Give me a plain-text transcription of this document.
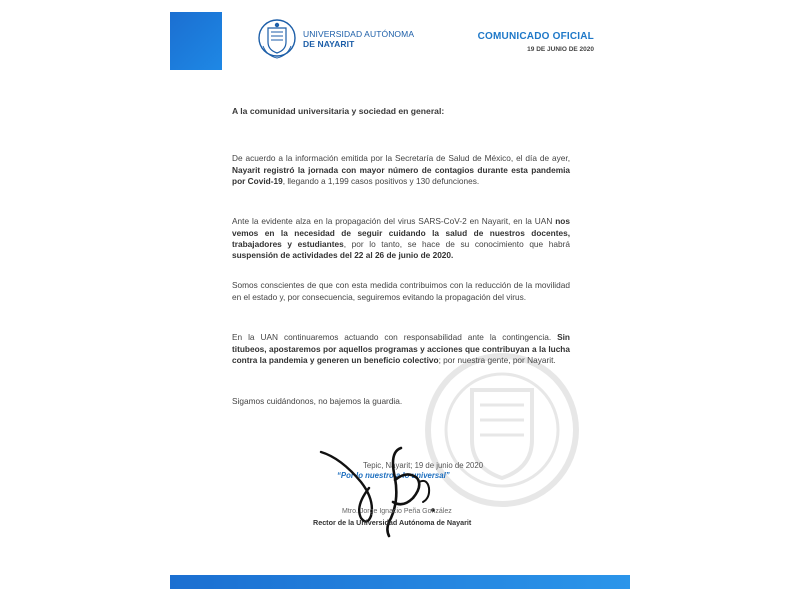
UNIVERSIDAD AUTÓNOMA
DE NAYARIT
COMUNICADO OFICIAL
19 DE JUNIO DE 2020
A la comunidad universitaria y sociedad en general:

De acuerdo a la información emitida por la Secretaría de Salud de México, el día de ayer, Nayarit registró la jornada con mayor número de contagios durante esta pandemia por Covid-19, llegando a 1,199 casos positivos y 130 defunciones.

Ante la evidente alza en la propagación del virus SARS-CoV-2 en Nayarit, en la UAN nos vemos en la necesidad de seguir cuidando la salud de nuestros docentes, trabajadores y estudiantes, por lo tanto, se hace de su conocimiento que habrá suspensión de actividades del 22 al 26 de junio de 2020.

Somos conscientes de que con esta medida contribuimos con la reducción de la movilidad en el estado y, por consecuencia, seguiremos evitando la propagación del virus.

En la UAN continuaremos actuando con responsabilidad ante la contingencia. Sin titubeos, apostaremos por aquellos programas y acciones que contribuyan a la lucha contra la pandemia y generen un beneficio colectivo; por nuestra gente, por Nayarit.

Sigamos cuidándonos, no bajemos la guardia.

Tepic, Nayarit; 19 de junio de 2020
“Por lo nuestro a lo universal”
Mtro. Jorge Ignacio Peña González
Rector de la Universidad Autónoma de Nayarit
